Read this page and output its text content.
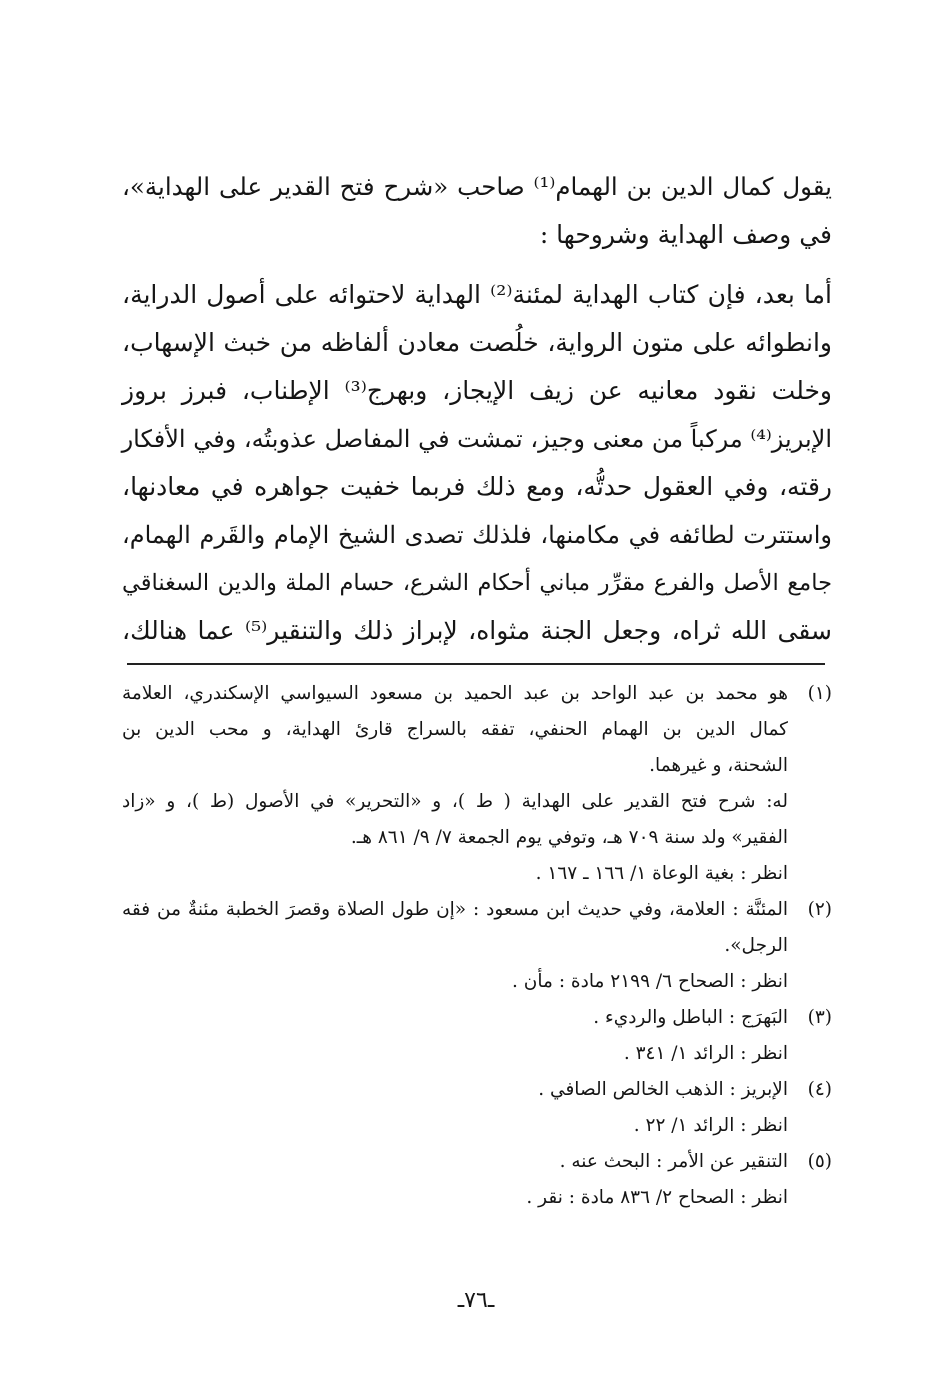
يقول كمال الدين بن الهمام⁽¹⁾ صاحب «شرح فتح القدير على الهداية»،
في وصف الهداية وشروحها :
أما بعد، فإن كتاب الهداية لمئنة⁽²⁾ الهداية لاحتوائه على أصول الدراية،
وانطوائه على متون الرواية، خلُصت معادن ألفاظه من خبث الإسهاب،
وخلت نقود معانيه عن زيف الإيجاز، وبهرج⁽³⁾ الإطناب، فبرز بروز
الإبريز⁽⁴⁾ مركباً من معنى وجيز، تمشت في المفاصل عذوبتُه، وفي الأفكار
رقته، وفي العقول حدتُّه، ومع ذلك فربما خفيت جواهره في معادنها،
واستترت لطائفه في مكامنها، فلذلك تصدى الشيخ الإمام والقَرم الهمام،
جامع الأصل والفرع مقرِّر مباني أحكام الشرع، حسام الملة والدين السغناقي
سقى الله ثراه، وجعل الجنة مثواه، لإبراز ذلك والتنقير⁽⁵⁾ عما هنالك،
(١)
هو محمد بن عبد الواحد بن عبد الحميد بن مسعود السيواسي الإسكندري، العلامة
كمال الدين بن الهمام الحنفي، تفقه بالسراج قارئ الهداية، و محب الدين بن
الشحنة، و غيرهما.
له: شرح فتح القدير على الهداية ( ط )، و «التحرير» في الأصول (ط )، و «زاد
الفقير» ولد سنة ٧٠٩ هـ، وتوفي يوم الجمعة ٧/ ٩/ ٨٦١ هـ.
انظر : بغية الوعاة ١/ ١٦٦ ـ ١٦٧ .
(٢)
المئنَّة : العلامة، وفي حديث ابن مسعود : «إن طول الصلاة وقصرَ الخطبة مئنةٌ من فقه
الرجل».
انظر : الصحاح ٦/ ٢١٩٩ مادة : مأن .
(٣)
البَهرَج : الباطل والرديء .
انظر : الرائد ١/ ٣٤١ .
(٤)
الإبريز : الذهب الخالص الصافي .
انظر : الرائد ١/ ٢٢ .
(٥)
التنقير عن الأمر : البحث عنه .
انظر : الصحاح ٢/ ٨٣٦ مادة : نقر .
ـ٧٦ـ
